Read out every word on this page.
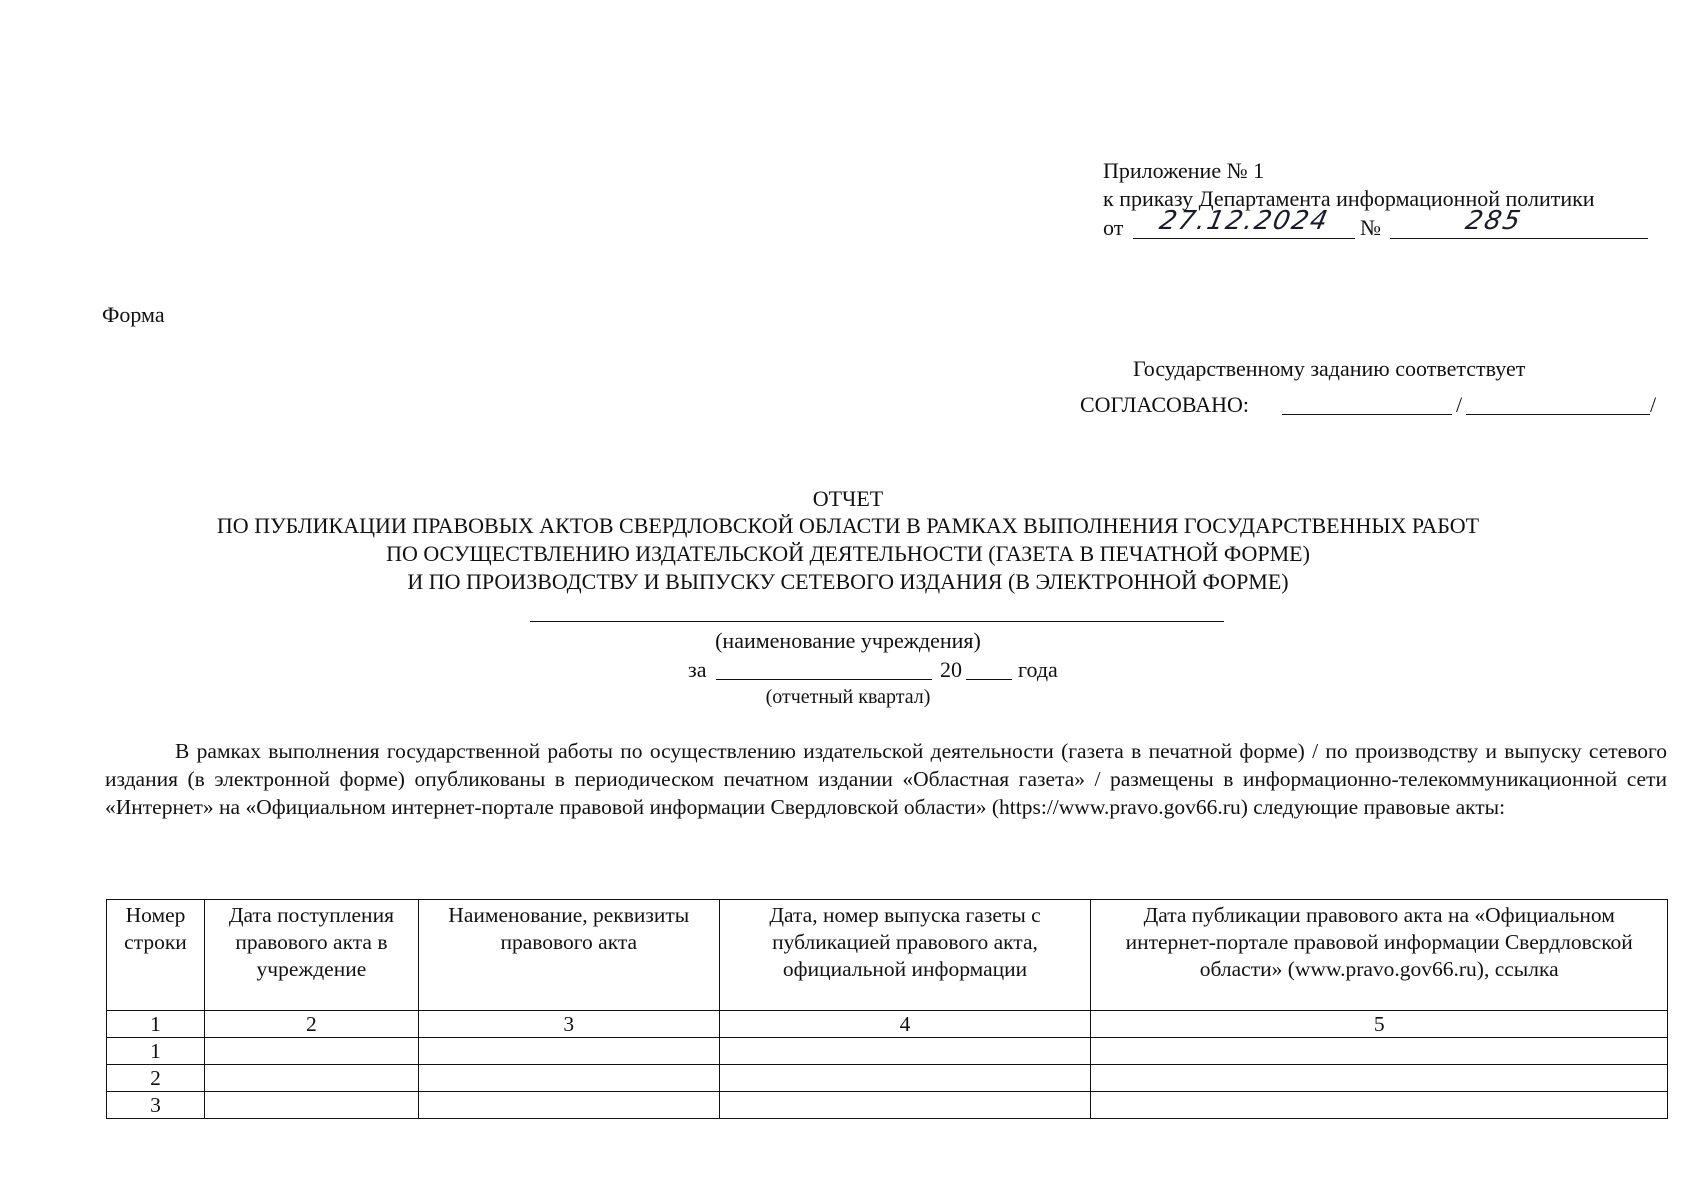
Приложение № 1
к приказу Департамента информационной политики
от 27.12.2024 №	285
Форма
Государственному заданию соответствует
СОГЛАСОВАНО:	/	/
ОТЧЕТ
ПО ПУБЛИКАЦИИ ПРАВОВЫХ АКТОВ СВЕРДЛОВСКОЙ ОБЛАСТИ В РАМКАХ ВЫПОЛНЕНИЯ ГОСУДАРСТВЕННЫХ РАБОТ
ПО ОСУЩЕСТВЛЕНИЮ ИЗДАТЕЛЬСКОЙ ДЕЯТЕЛЬНОСТИ (ГАЗЕТА В ПЕЧАТНОЙ ФОРМЕ)
И ПО ПРОИЗВОДСТВУ И ВЫПУСКУ СЕТЕВОГО ИЗДАНИЯ (В ЭЛЕКТРОННОЙ ФОРМЕ)
(наименование учреждения)
за	20	года
(отчетный квартал)
В рамках выполнения государственной работы по осуществлению издательской деятельности (газета в печатной форме) / по производству и выпуску сетевого издания (в электронной форме) опубликованы в периодическом печатном издании «Областная газета» / размещены в информационно-телекоммуникационной сети «Интернет» на «Официальном интернет-портале правовой информации Свердловской области» (https://www.pravo.gov66.ru) следующие правовые акты:
Номер строки	Дата поступления правового акта в учреждение	Наименование, реквизиты правового акта	Дата, номер выпуска газеты с публикацией правового акта, официальной информации	Дата публикации правового акта на «Официальном интернет-портале правовой информации Свердловской области» (www.pravo.gov66.ru), ссылка
1	2	3	4	5
1				
2				
3				
